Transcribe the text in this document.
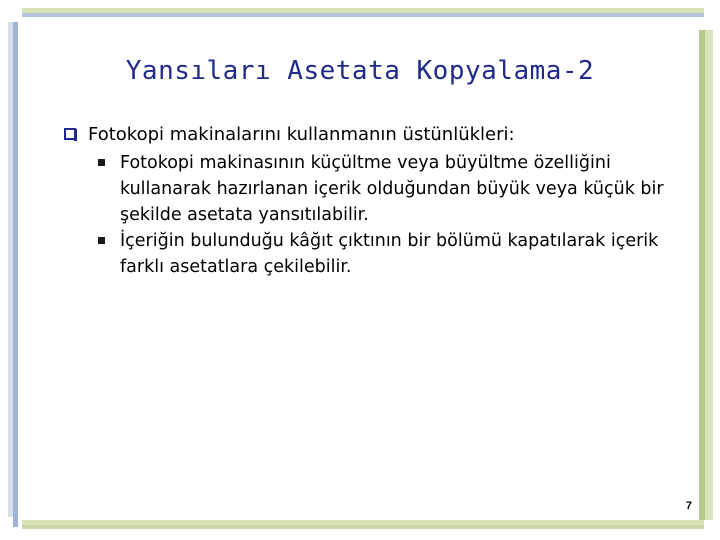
Yansıları Asetata Kopyalama-2
Fotokopi makinalarını kullanmanın üstünlükleri:
Fotokopi makinasının küçültme veya büyültme özelliğini kullanarak hazırlanan içerik olduğundan büyük veya küçük bir şekilde asetata yansıtılabilir.
İçeriğin bulunduğu kâğıt çıktının bir bölümü kapatılarak içerik farklı asetatlara çekilebilir.
7
